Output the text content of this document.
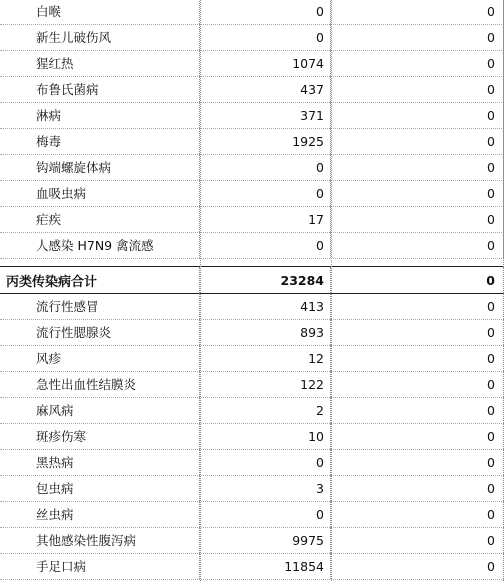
白喉	0	0
新生儿破伤风	0	0
猩红热	1074	0
布鲁氏菌病	437	0
淋病	371	0
梅毒	1925	0
钩端螺旋体病	0	0
血吸虫病	0	0
疟疾	17	0
人感染 H7N9 禽流感	0	0
丙类传染病合计	23284	0
流行性感冒	413	0
流行性腮腺炎	893	0
风疹	12	0
急性出血性结膜炎	122	0
麻风病	2	0
斑疹伤寒	10	0
黑热病	0	0
包虫病	3	0
丝虫病	0	0
其他感染性腹泻病	9975	0
手足口病	11854	0
